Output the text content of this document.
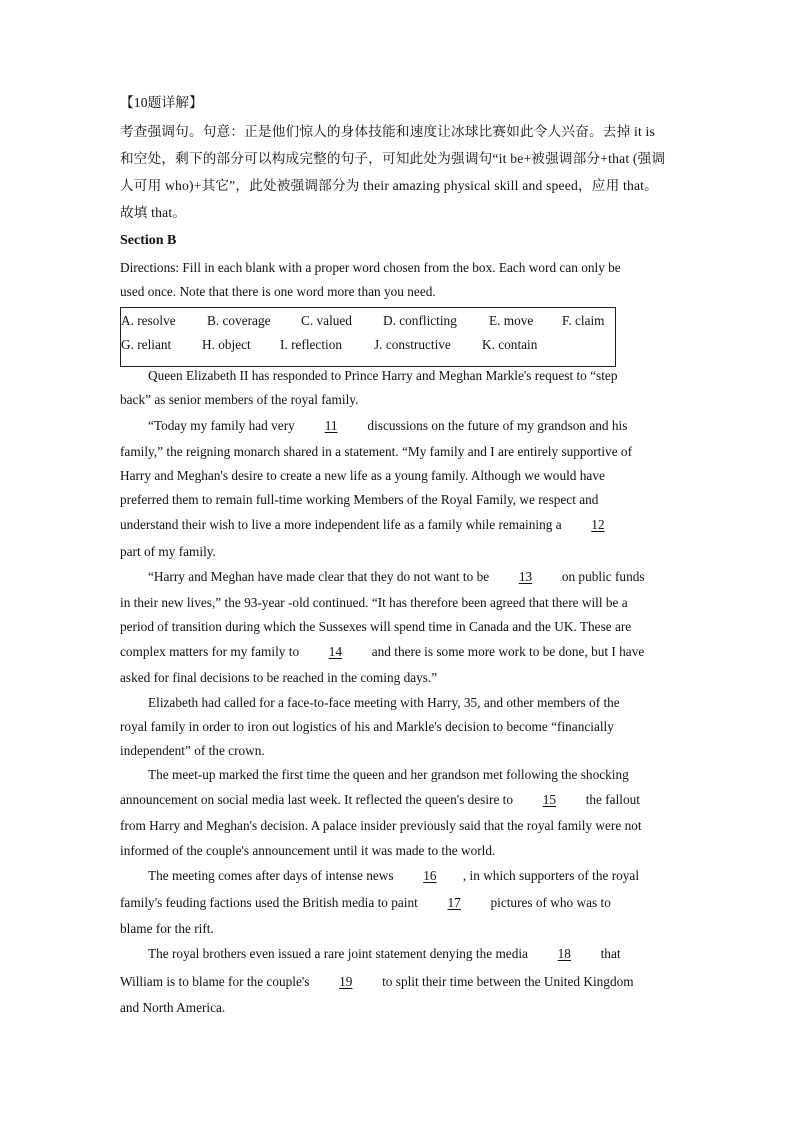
【10题详解】
考查强调句。句意：正是他们惊人的身体技能和速度让冰球比赛如此令人兴奋。去掉 it is
和空处，剩下的部分可以构成完整的句子，可知此处为强调句“it be+被强调部分+that (强调
人可用 who)+其它”，此处被强调部分为 their amazing physical skill and speed，应用 that。
故填 that。
Section B
Directions: Fill in each blank with a proper word chosen from the box. Each word can only be
used once. Note that there is one word more than you need.
A. resolve B. coverage C. valued D. conflicting E. move F. claim
G. reliant H. object I. reflection J. constructive K. contain
Queen Elizabeth II has responded to Prince Harry and Meghan Markle's request to “step
back” as senior members of the royal family.
“Today my family had very 11 discussions on the future of my grandson and his
family,” the reigning monarch shared in a statement. “My family and I are entirely supportive of
Harry and Meghan's desire to create a new life as a young family. Although we would have
preferred them to remain full-time working Members of the Royal Family, we respect and
understand their wish to live a more independent life as a family while remaining a 12
part of my family.
“Harry and Meghan have made clear that they do not want to be 13 on public funds
in their new lives,” the 93-year -old continued. “It has therefore been agreed that there will be a
period of transition during which the Sussexes will spend time in Canada and the UK. These are
complex matters for my family to 14 and there is some more work to be done, but I have
asked for final decisions to be reached in the coming days.”
Elizabeth had called for a face-to-face meeting with Harry, 35, and other members of the
royal family in order to iron out logistics of his and Markle's decision to become “financially
independent” of the crown.
The meet-up marked the first time the queen and her grandson met following the shocking
announcement on social media last week. It reflected the queen's desire to 15 the fallout
from Harry and Meghan's decision. A palace insider previously said that the royal family were not
informed of the couple's announcement until it was made to the world.
The meeting comes after days of intense news 16 , in which supporters of the royal
family's feuding factions used the British media to paint 17 pictures of who was to
blame for the rift.
The royal brothers even issued a rare joint statement denying the media 18 that
William is to blame for the couple's 19 to split their time between the United Kingdom
and North America.
